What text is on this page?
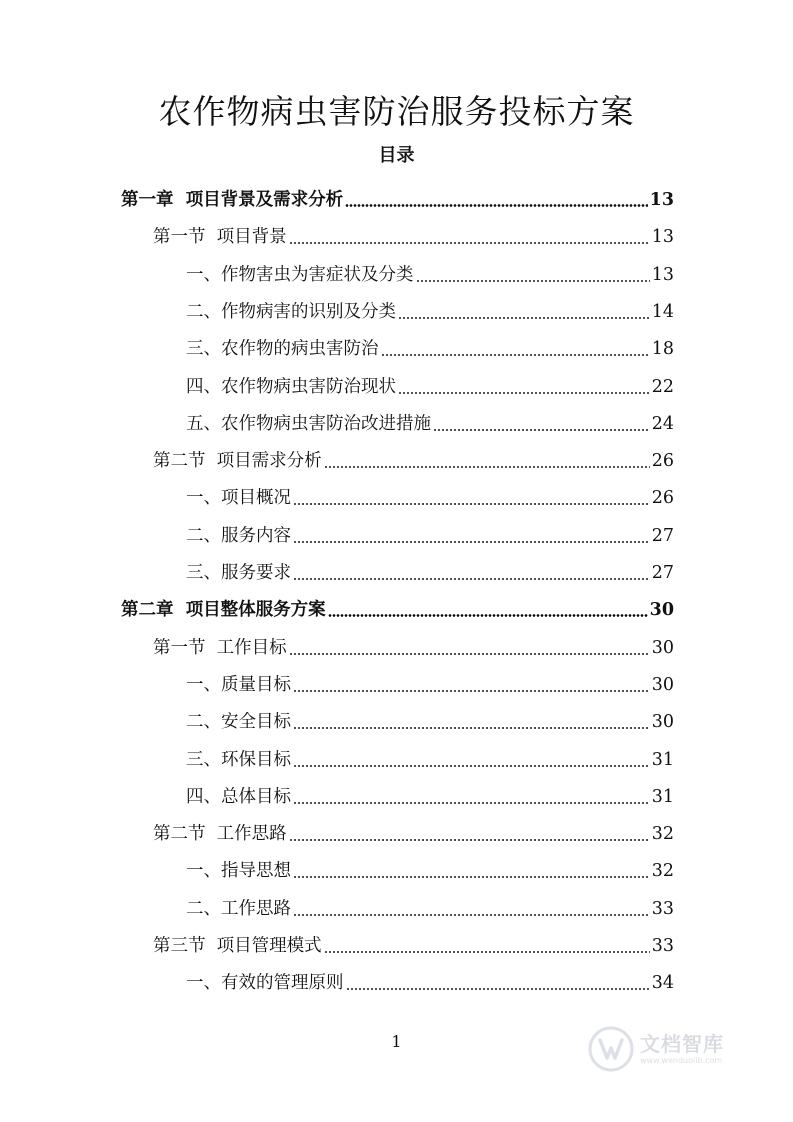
农作物病虫害防治服务投标方案
目录
第一章 项目背景及需求分析	13
第一节 项目背景	13
一、 作物害虫为害症状及分类	13
二、 作物病害的识别及分类	14
三、 农作物的病虫害防治	18
四、 农作物病虫害防治现状	22
五、 农作物病虫害防治改进措施	24
第二节 项目需求分析	26
一、 项目概况	26
二、 服务内容	27
三、 服务要求	27
第二章 项目整体服务方案	30
第一节 工作目标	30
一、 质量目标	30
二、 安全目标	30
三、 环保目标	31
四、 总体目标	31
第二节 工作思路	32
一、 指导思想	32
二、 工作思路	33
第三节 项目管理模式	33
一、 有效的管理原则	34
1	文档智库
www.wenduolib.com
